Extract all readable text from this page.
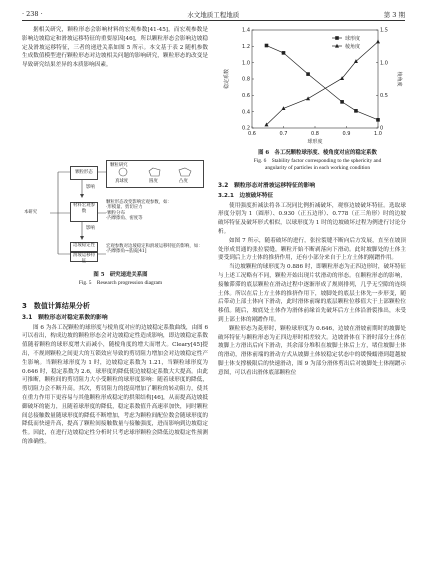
· 238 ·	水文地质工程地质	第 3 期

据相关研究，颗粒形态会影响材料的宏观参数[41-45]，而宏观参数是影响边坡稳定和滑坡运移特征的重要原因[46]，所以颗粒形态会影响边坡稳定及滑坡运移特征，三者的递进关系如图 5 所示。本文基于表 2 随机参数生成数值模型进行颗粒形态对边坡相关问题的影响研究，颗粒形态的改变是导致研究结果差异的本质影响因素。

本研究
颗粒形态
影响
颗粒研究
真球度	圆度	凸度
材料宏观参数
影响
颗粒形态改变影响宏观参数，如：
·形模量、剪切应力
·颗粒分布
·内摩擦角、密度等
边坡稳定性
滑坡运移特征
宏观参数对边坡稳定和滑坡运移特征的影响，如：
·内摩擦角→基质[41]

图 5　研究递进关系图

Fig. 5　Research progression diagram

3　数值计算结果分析
3.1　颗粒形态对稳定系数的影响

图 6 为各工况颗粒的球形度与棱角度对应的边坡稳定系数曲线，由图 6 可以看出，构成边坡的颗粒形态会对边坡稳定性造成影响，即边坡稳定系数值随着颗粒的球形度增大而减小，随棱角度的增大而增大。Cleary[45]提出，不规则颗粒之间更大的互锁效应导致的剪切阻力增加会对边坡稳定性产生影响。当颗粒球形度为 1 时，边坡稳定系数为 1.21，当颗粒球形度为 0.646 时，稳定系数为 2.6，球形度的降低使边坡稳定系数大大提高。由此可推断，颗粒间的剪切阻力大小受颗粒的球形度影响：随着球形度的降低，剪切阻力会不断升高。其次，剪切阻力的提高增加了颗粒的转动阻力，使其在重力作用下更容易与其他颗粒形成稳定的拱架结构[46]，从而提高边坡抵御破坏的能力，且随着球形度的降低，稳定系数值升高速率加快，同时颗粒间总接触数量随球形度的降低不断增加，考虑为颗粒间配位数会随球形度的降低而快速升高，提高了颗粒间接触数量与接触强度，进而影响到边坡稳定性。因此，在进行边坡稳定性分析时只考虑球形颗粒会降低边坡稳定性预测的准确性。

0.6	0.7	0.8	0.9	1.0
0.2
0.4
0.6
0.8
1.0
1.2
1.4
0
0.5
1.0
1.5
球形度
稳定系数	棱角度
球形度
棱角度

图 6　各工况颗粒球形度、棱角度对应的稳定系数

Fig. 6　Stability factor corresponding to the sphericity and

angularity of particles in each working condition

3.2　颗粒形态对滑坡运移特征的影响
3.2.1　边坡破坏特征

使用强度折减法将各工况同比例折减破坏，观察边坡破坏特征。选取球形度分别为 1（圆形）、0.930（正五边形）、0.778（正三角形）时的边坡破坏特征及破坏形式相似，以球形度为 1 时的边坡破坏过程为例进行讨论分析。

如图 7 所示，随着破坏的进行，张拉裂缝不断向后方发展，直至在坡顶处形成贯通的张拉裂缝，颗粒开始不断剥落向下滑动。此时坡脚处的土体主要受到后上方土体的推挤作用，还有小部分来自于上方土体的剐蹭作用。

当边坡颗粒的球形度为 0.886 时，即颗粒形态为正四边形时，破坏特征与上述工况略有不同，颗粒开始出现片状滑动的形态。在颗粒形态的影响，接触滞滞的底层颗粒在滑动过程中逐渐形成了规则排列，几乎无空隙的连续土体。所以在后上方土体的推挤作用下，坡脚处的底层土体先一步形变，随后带动上部土体向下滑动，此时滑体前缘的底层颗粒位移值大于上部颗粒位移值。随后，坡底处土体作为滑体前缘首先破坏后方土体沿滑裂推出，未受到上部土体的剐蹭作用。

颗粒形态为菱形时，颗粒球形度为 0.646，边坡在滑坡前期时的坡脚处破坏特征与颗粒形态为正四边形时相差较大。边坡滑体在下滑时部分土体在坡脚上方滑出后向下滑动，其余部分堆积在坡脚土体后上方，堵住坡脚土体的滑动，滑体前端的滑动方式从坡脚土体较稳定状态中的缓慢蠕滑到超越坡脚土体支撑极限后的快速滑动，图 9 为部分滑体剪出后对坡脚处土体剐蹭示意图，可以看出滑体底部颗粒位
